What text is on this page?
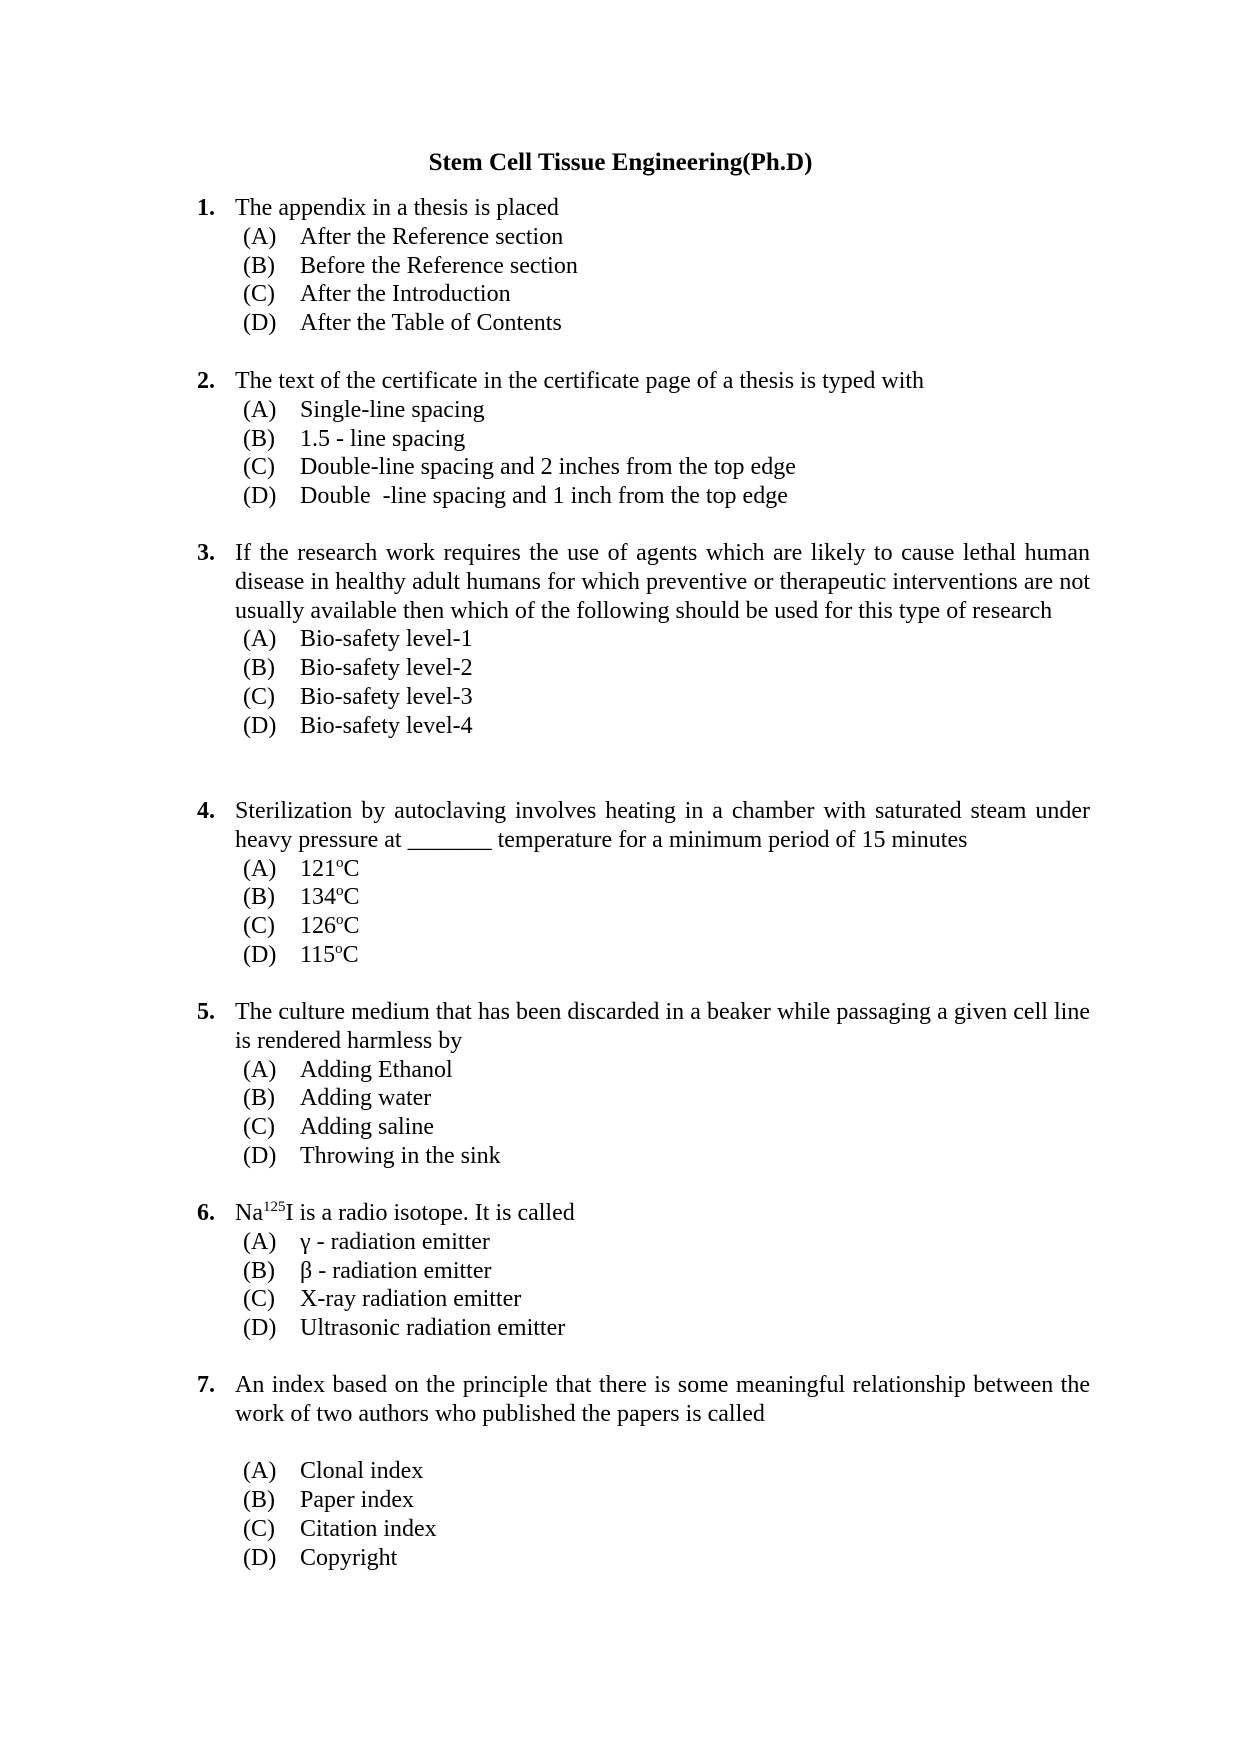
Stem Cell Tissue Engineering(Ph.D)
1. The appendix in a thesis is placed
(A) After the Reference section
(B) Before the Reference section
(C) After the Introduction
(D) After the Table of Contents
2. The text of the certificate in the certificate page of a thesis is typed with
(A) Single-line spacing
(B) 1.5 - line spacing
(C) Double-line spacing and 2 inches from the top edge
(D) Double  -line spacing and 1 inch from the top edge
3. If the research work requires the use of agents which are likely to cause lethal human disease in healthy adult humans for which preventive or therapeutic interventions are not usually available then which of the following should be used for this type of research
(A) Bio-safety level-1
(B) Bio-safety level-2
(C) Bio-safety level-3
(D) Bio-safety level-4
4. Sterilization by autoclaving involves heating in a chamber with saturated steam under heavy pressure at _______ temperature for a minimum period of 15 minutes
(A) 121$^o$C
(B) 134$^o$C
(C) 126$^o$C
(D) 115$^o$C
5. The culture medium that has been discarded in a beaker while passaging a given cell line is rendered harmless by
(A) Adding Ethanol
(B) Adding water
(C) Adding saline
(D) Throwing in the sink
6. Na$^{125}$I is a radio isotope. It is called
(A) γ - radiation emitter
(B) β - radiation emitter
(C) X-ray radiation emitter
(D) Ultrasonic radiation emitter
7. An index based on the principle that there is some meaningful relationship between the work of two authors who published the papers is called
(A) Clonal index
(B) Paper index
(C) Citation index
(D) Copyright
